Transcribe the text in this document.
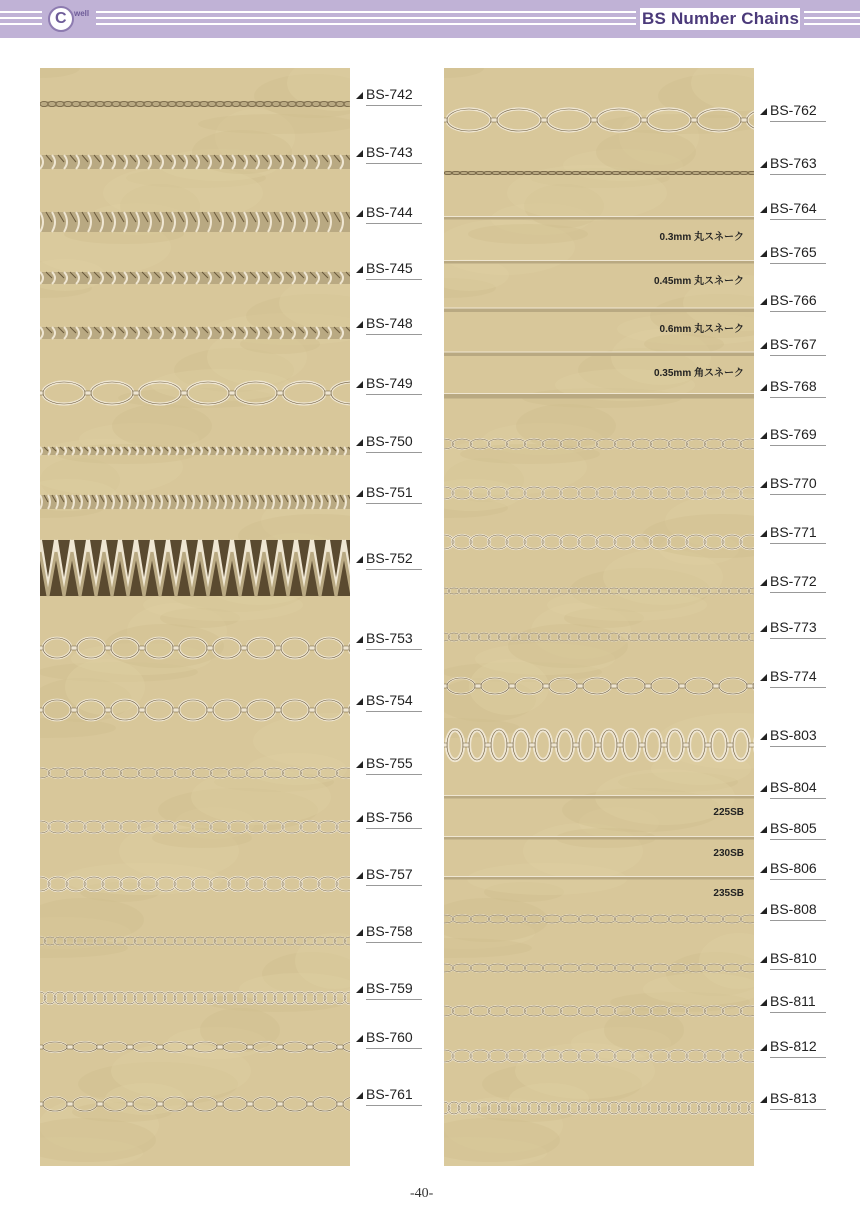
C well	BS Number Chains
BS-742
BS-743
BS-744
BS-745
BS-748
BS-749
BS-750
BS-751
BS-752
BS-753
BS-754
BS-755
BS-756
BS-757
BS-758
BS-759
BS-760
BS-761
BS-762
BS-763
BS-764
0.3mm 丸スネーク
BS-765
0.45mm 丸スネーク
BS-766
0.6mm 丸スネーク
BS-767
0.35mm 角スネーク
BS-768
BS-769
BS-770
BS-771
BS-772
BS-773
BS-774
BS-803
BS-804
225SB
BS-805
230SB
BS-806
235SB
BS-808
BS-810
BS-811
BS-812
BS-813
-40-
